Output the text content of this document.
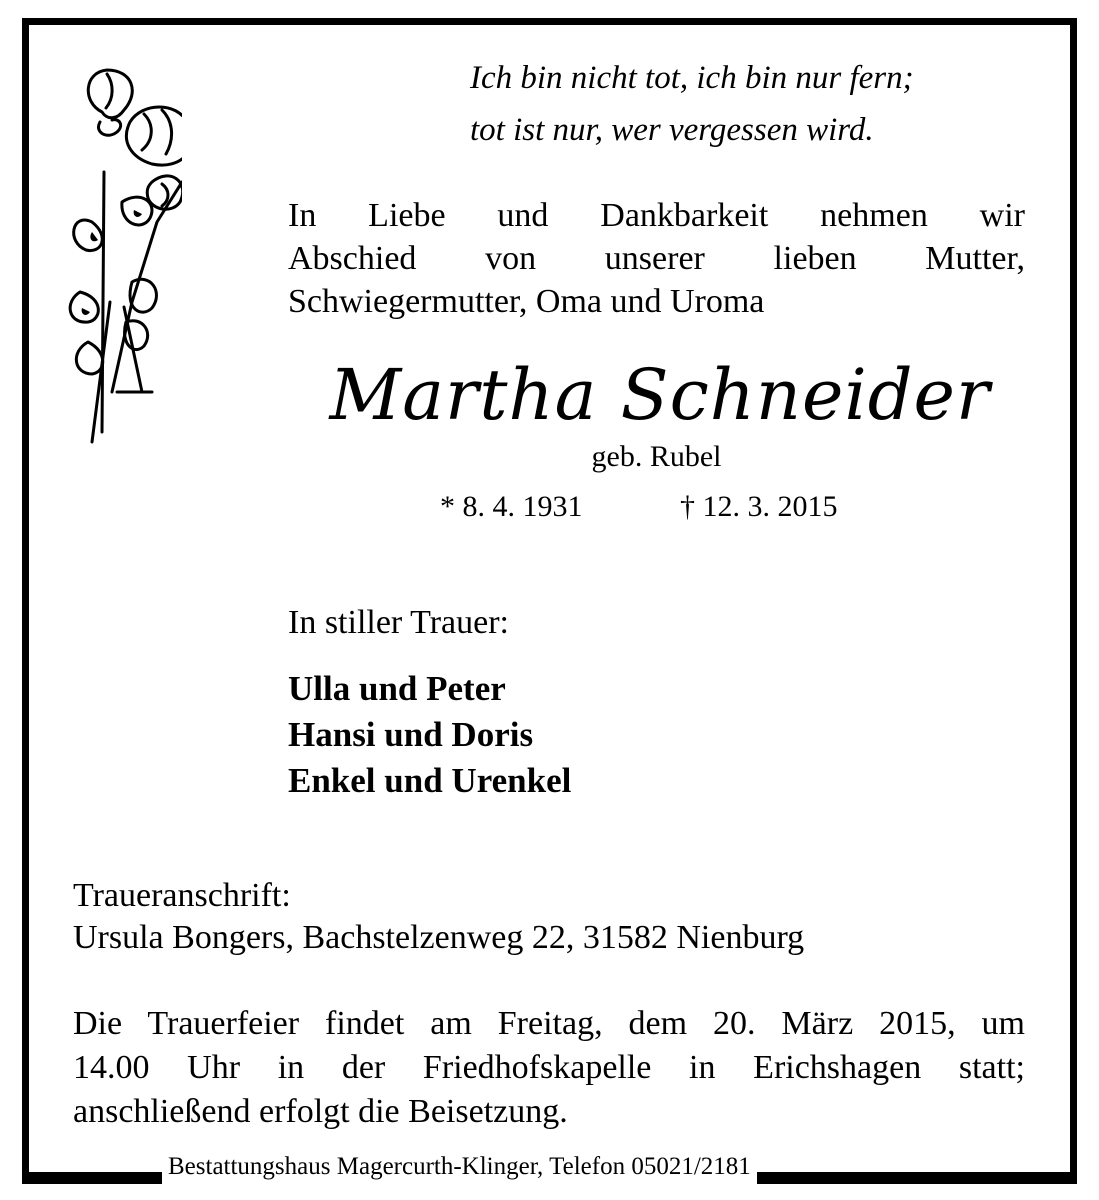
Ich bin nicht tot, ich bin nur fern;
tot ist nur, wer vergessen wird.
In Liebe und Dankbarkeit nehmen wir
Abschied von unserer lieben Mutter,
Schwiegermutter, Oma und Uroma
Martha Schneider
geb. Rubel
* 8. 4. 1931	† 12. 3. 2015
In stiller Trauer:
Ulla und Peter
Hansi und Doris
Enkel und Urenkel
Traueranschrift:
Ursula Bongers, Bachstelzenweg 22, 31582 Nienburg
Die Trauerfeier findet am Freitag, dem 20. März 2015, um
14.00 Uhr in der Friedhofskapelle in Erichshagen statt;
anschließend erfolgt die Beisetzung.
Bestattungshaus Magercurth-Klinger, Telefon 05021/2181
